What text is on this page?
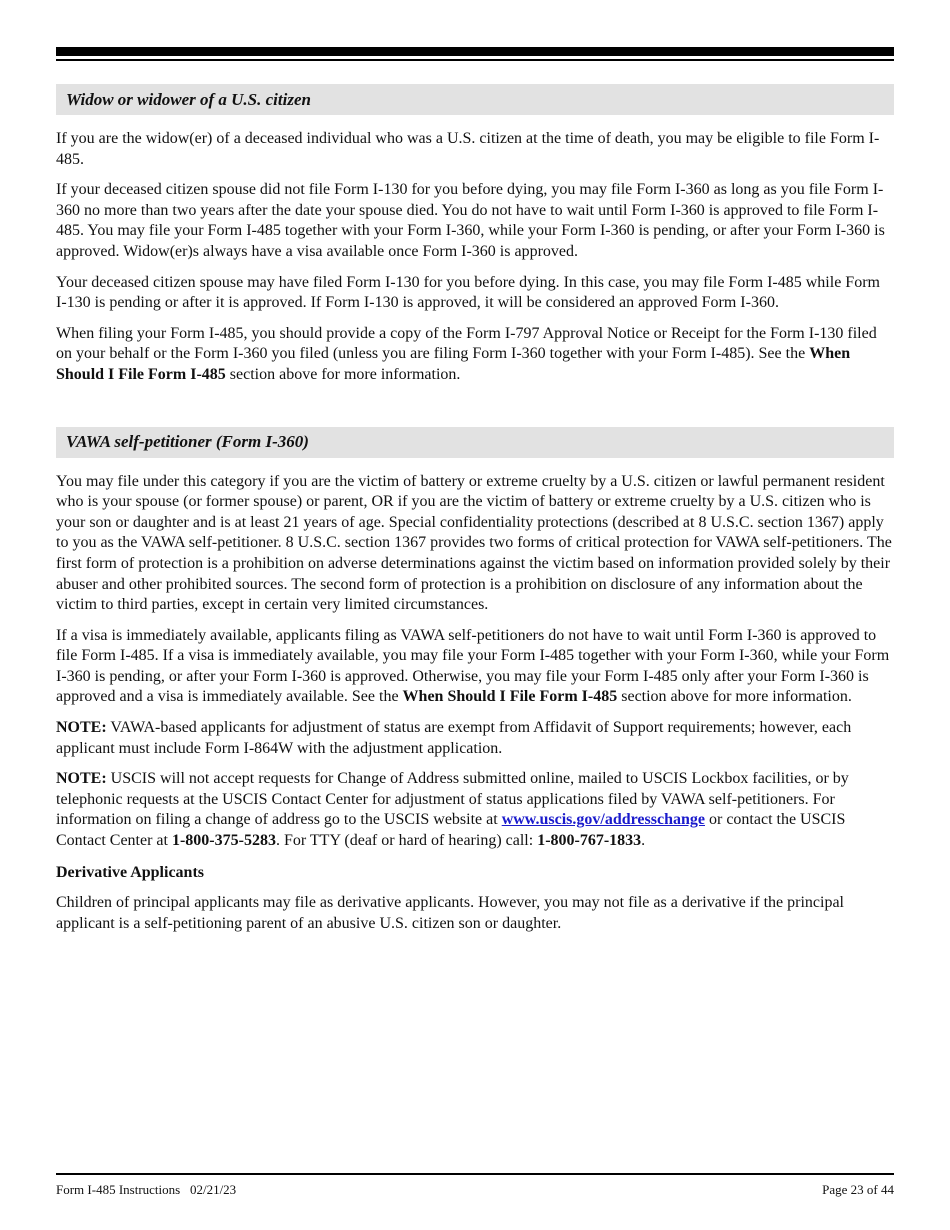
Widow or widower of a U.S. citizen

If you are the widow(er) of a deceased individual who was a U.S. citizen at the time of death, you may be eligible to file Form I-485.

If your deceased citizen spouse did not file Form I-130 for you before dying, you may file Form I-360 as long as you file Form I-360 no more than two years after the date your spouse died. You do not have to wait until Form I-360 is approved to file Form I-485. You may file your Form I-485 together with your Form I-360, while your Form I-360 is pending, or after your Form I-360 is approved. Widow(er)s always have a visa available once Form I-360 is approved.

Your deceased citizen spouse may have filed Form I-130 for you before dying. In this case, you may file Form I-485 while Form I-130 is pending or after it is approved. If Form I-130 is approved, it will be considered an approved Form I-360.

When filing your Form I-485, you should provide a copy of the Form I-797 Approval Notice or Receipt for the Form I-130 filed on your behalf or the Form I-360 you filed (unless you are filing Form I-360 together with your Form I-485). See the When Should I File Form I-485 section above for more information.

VAWA self-petitioner (Form I-360)

You may file under this category if you are the victim of battery or extreme cruelty by a U.S. citizen or lawful permanent resident who is your spouse (or former spouse) or parent, OR if you are the victim of battery or extreme cruelty by a U.S. citizen who is your son or daughter and is at least 21 years of age. Special confidentiality protections (described at 8 U.S.C. section 1367) apply to you as the VAWA self-petitioner. 8 U.S.C. section 1367 provides two forms of critical protection for VAWA self-petitioners. The first form of protection is a prohibition on adverse determinations against the victim based on information provided solely by their abuser and other prohibited sources. The second form of protection is a prohibition on disclosure of any information about the victim to third parties, except in certain very limited circumstances.

If a visa is immediately available, applicants filing as VAWA self-petitioners do not have to wait until Form I-360 is approved to file Form I-485. If a visa is immediately available, you may file your Form I-485 together with your Form I-360, while your Form I-360 is pending, or after your Form I-360 is approved. Otherwise, you may file your Form I-485 only after your Form I-360 is approved and a visa is immediately available. See the When Should I File Form I-485 section above for more information.

NOTE: VAWA-based applicants for adjustment of status are exempt from Affidavit of Support requirements; however, each applicant must include Form I-864W with the adjustment application.

NOTE: USCIS will not accept requests for Change of Address submitted online, mailed to USCIS Lockbox facilities, or by telephonic requests at the USCIS Contact Center for adjustment of status applications filed by VAWA self-petitioners. For information on filing a change of address go to the USCIS website at www.uscis.gov/addresschange or contact the USCIS Contact Center at 1-800-375-5283. For TTY (deaf or hard of hearing) call: 1-800-767-1833.

Derivative Applicants

Children of principal applicants may file as derivative applicants. However, you may not file as a derivative if the principal applicant is a self-petitioning parent of an abusive U.S. citizen son or daughter.

Form I-485 Instructions   02/21/23	Page 23 of 44
